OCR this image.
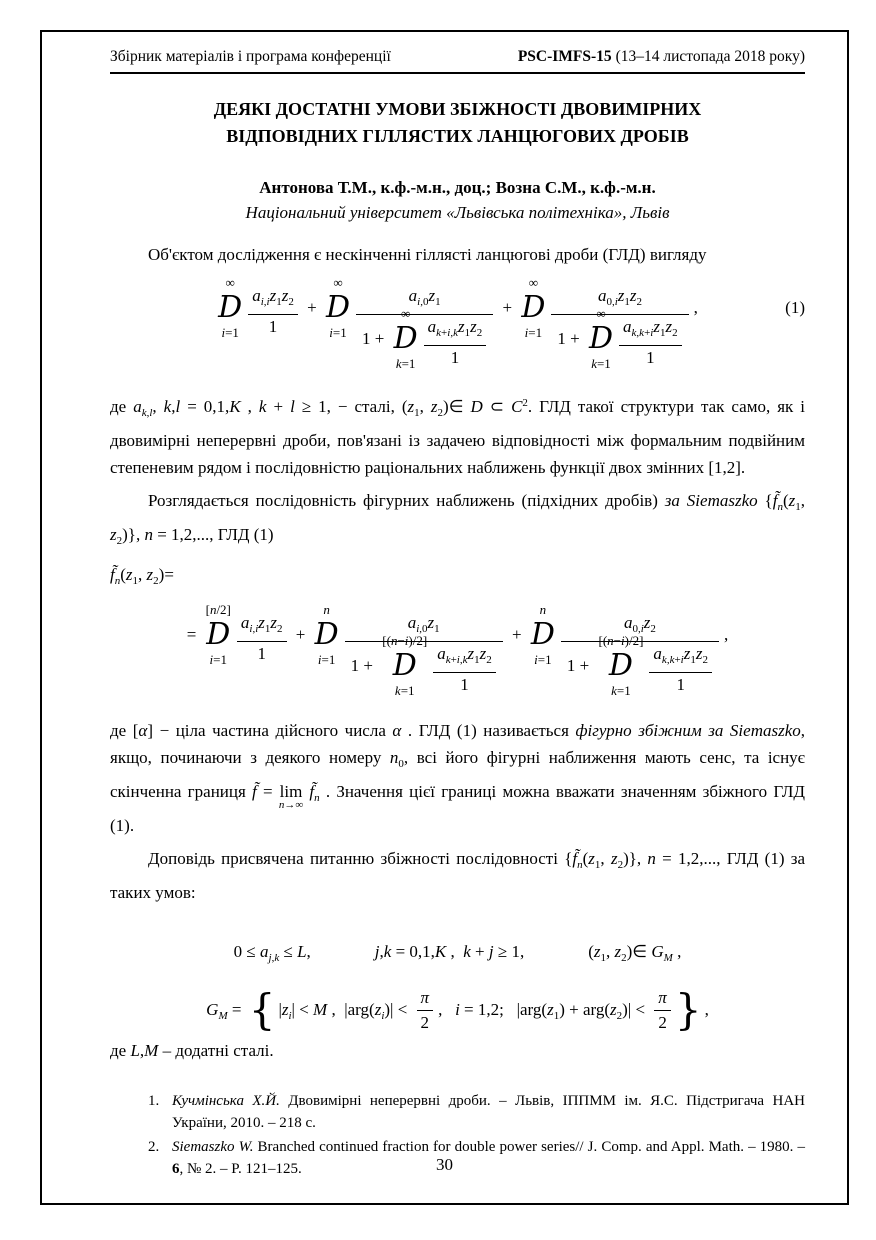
Збірник матеріалів і програма конференції	PSC-IMFS-15 (13–14 листопада 2018 року)
ДЕЯКІ ДОСТАТНІ УМОВИ ЗБІЖНОСТІ ДВОВИМІРНИХ
ВІДПОВІДНИХ ГІЛЛЯСТИХ ЛАНЦЮГОВИХ ДРОБІВ
Антонова Т.М., к.ф.-м.н., доц.; Возна С.М., к.ф.-м.н.
Національний університет «Львівська політехніка», Львів

Об'єктом дослідження є нескінченні гіллясті ланцюгові дроби (ГЛД) вигляду

(1)
∞
D
i=1
$a_{i,i}z_1z_2$
1
+
∞
D
i=1
$a_{i,0}z_1$
1 +
∞
D
k=1
$a_{k+i,k}z_1z_2$
1
+
∞
D
i=1
$a_{0,i}z_1z_2$
1 +
∞
D
k=1
$a_{k,k+i}z_1z_2$
1
,

де $a_{k,l}$, k,l = 0,1,K , k + l ≥ 1, − сталі, ($z_1$, $z_2)\in$ D ⊂ $C^2$. ГЛД такої структури так само, як і двовимірні неперервні дроби, пов'язані із задачею відповідності між формальним подвійним степеневим рядом і послідовністю раціональних наближень функції двох змінних [1,2].

Розглядається послідовність фігурних наближень (підхідних дробів) за Siemaszko {$f̃_n(z_1$, $z_2$)}, n = 1,2,..., ГЛД (1)

$f̃_n(z_1$, $z_2)=$

=
[n/2]
D
i=1
$a_{i,i}z_1z_2$
1
+
n
D
i=1
$a_{i,0}z_1$
1 +
[(n−i)/2]
D
k=1
$a_{k+i,k}z_1z_2$
1
+
n
D
i=1
$a_{0,i}z_2$
1 +
[(n−i)/2]
D
k=1
$a_{k,k+i}z_1z_2$
1
,

де [α] − ціла частина дійсного числа α . ГЛД (1) називається фігурно збіжним за Siemaszko, якщо, починаючи з деякого номеру $n_0$, всі його фігурні наближення мають сенс, та існує скінченна границя f̃ = lim
n→∞
$f̃_n$ . Значення цієї границі можна вважати значенням збіжного ГЛД (1).

Доповідь присвячена питанню збіжності послідовності {$f̃_n(z_1$, $z_2$)}, n = 1,2,..., ГЛД (1) за таких умов:

$0 \le a_{j,k} \le L$,	j,k = 0,1,K ,  k + j ≥ 1,	($z_1$, $z_2)\in$ $G_M$ ,
$G_M$ = { $|z_i| < M$ ,  $|arg(z_i)|$ <
π
2
,   i = 1,2;   $|arg(z_1) + arg(z_2)|$ <
π
2 } ,

де L,M – додатні сталі.

1. Кучмінська Х.Й. Двовимірні неперервні дроби. – Львів, ІППММ ім. Я.С. Підстригача НАН України, 2010. – 218 с.
2. Siemaszko W. Branched continued fraction for double power series// J. Comp. and Appl. Math. – 1980. – 6, № 2. – P. 121–125.	30
